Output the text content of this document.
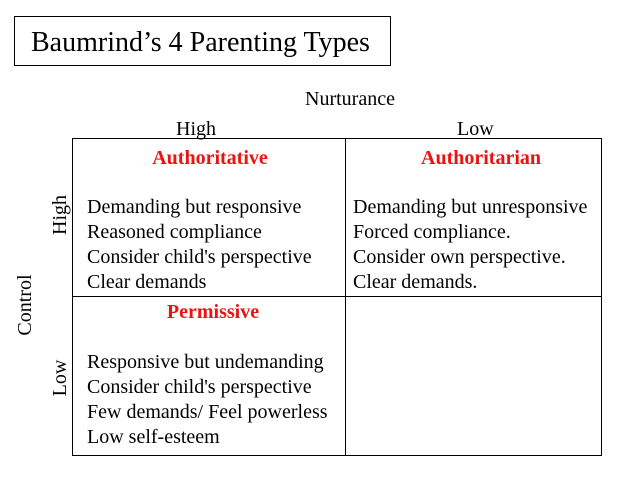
Baumrind’s 4 Parenting Types
Nurturance
High	Low
Control
High
Low
Authoritative
Demanding but responsive
Reasoned compliance
Consider child's perspective
Clear demands
Authoritarian
Demanding but unresponsive
Forced compliance.
Consider own perspective.
Clear demands.
Permissive
Responsive but undemanding
Consider child's perspective
Few demands/ Feel powerless
Low self-esteem
